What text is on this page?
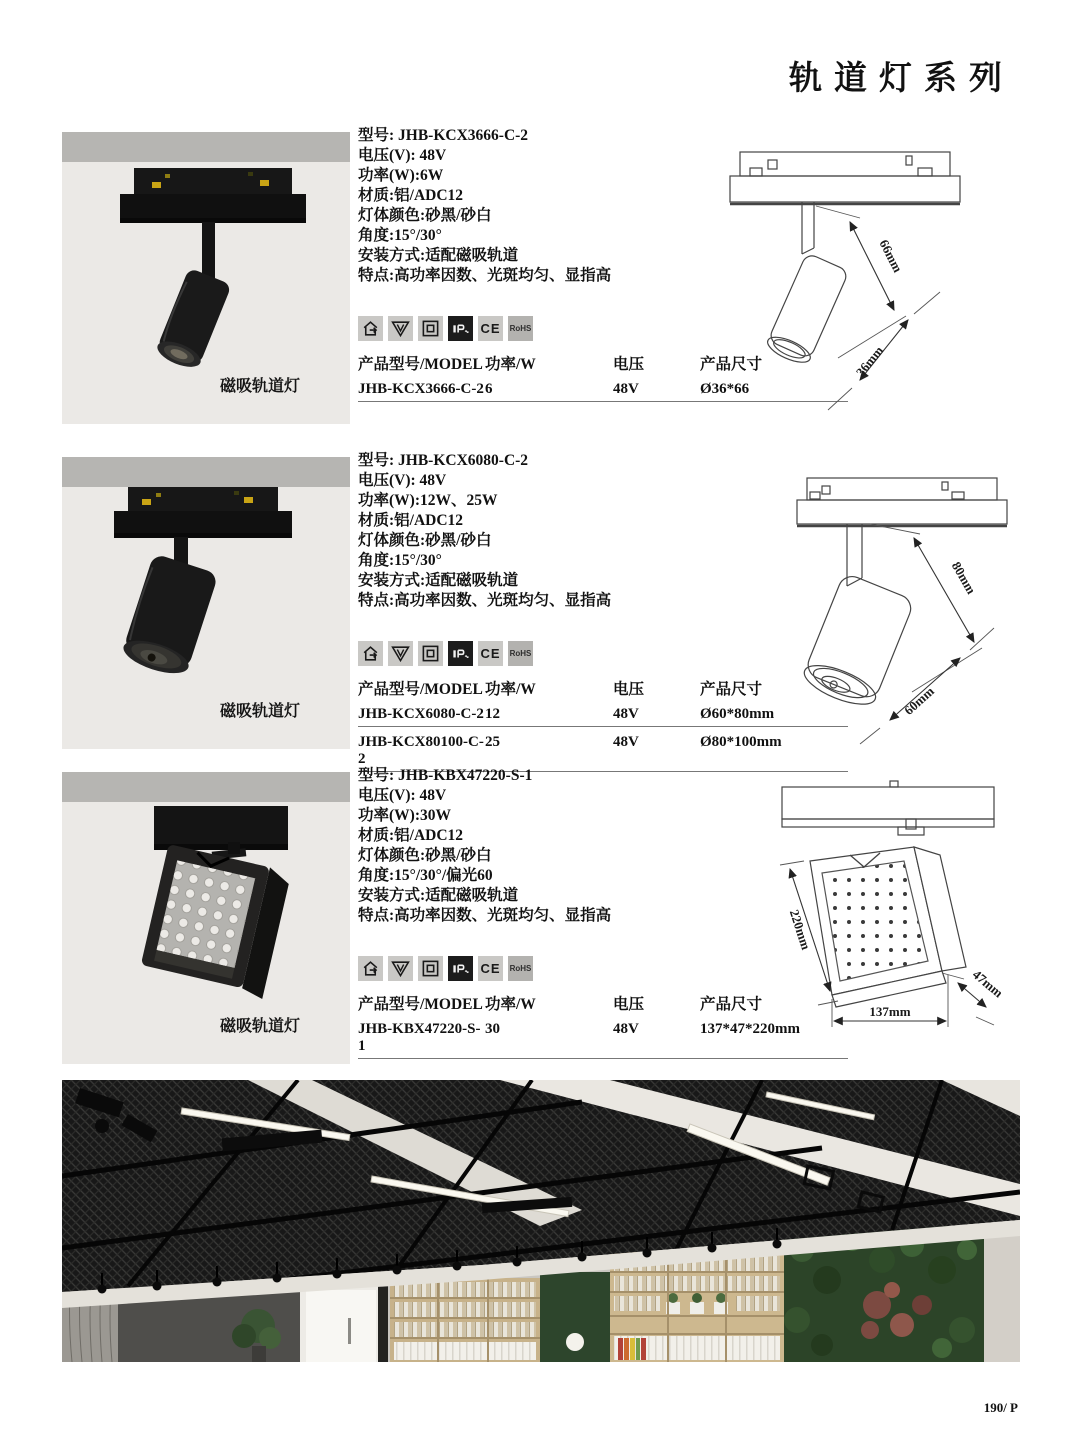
轨道灯系列
磁吸轨道灯
型号: JHB-KCX3666-C-2
电压(V): 48V
功率(W):6W
材质:铝/ADC12
灯体颜色:砂黑/砂白
角度:15°/30°
安装方式:适配磁吸轨道
特点:高功率因数、光斑均匀、显指高
CE RoHS
产品型号/MODEL 功率/W	电压	产品尺寸
JHB-KCX3666-C-2 6	48V	Ø36*66
66mm
36mm
磁吸轨道灯
型号: JHB-KCX6080-C-2
电压(V): 48V
功率(W):12W、25W
材质:铝/ADC12
灯体颜色:砂黑/砂白
角度:15°/30°
安装方式:适配磁吸轨道
特点:高功率因数、光斑均匀、显指高
CE RoHS
产品型号/MODEL 功率/W	电压	产品尺寸
JHB-KCX6080-C-2 12	48V	Ø60*80mm
JHB-KCX80100-C-2
25	48V	Ø80*100mm
80mm
60mm
磁吸轨道灯
型号: JHB-KBX47220-S-1
电压(V): 48V
功率(W):30W
材质:铝/ADC12
灯体颜色:砂黑/砂白
角度:15°/30°/偏光60
安装方式:适配磁吸轨道
特点:高功率因数、光斑均匀、显指高
CE RoHS
产品型号/MODEL 功率/W	电压	产品尺寸
JHB-KBX47220-S-1
30	48V	137*47*220mm
220mm
137mm
47mm
190/ P
